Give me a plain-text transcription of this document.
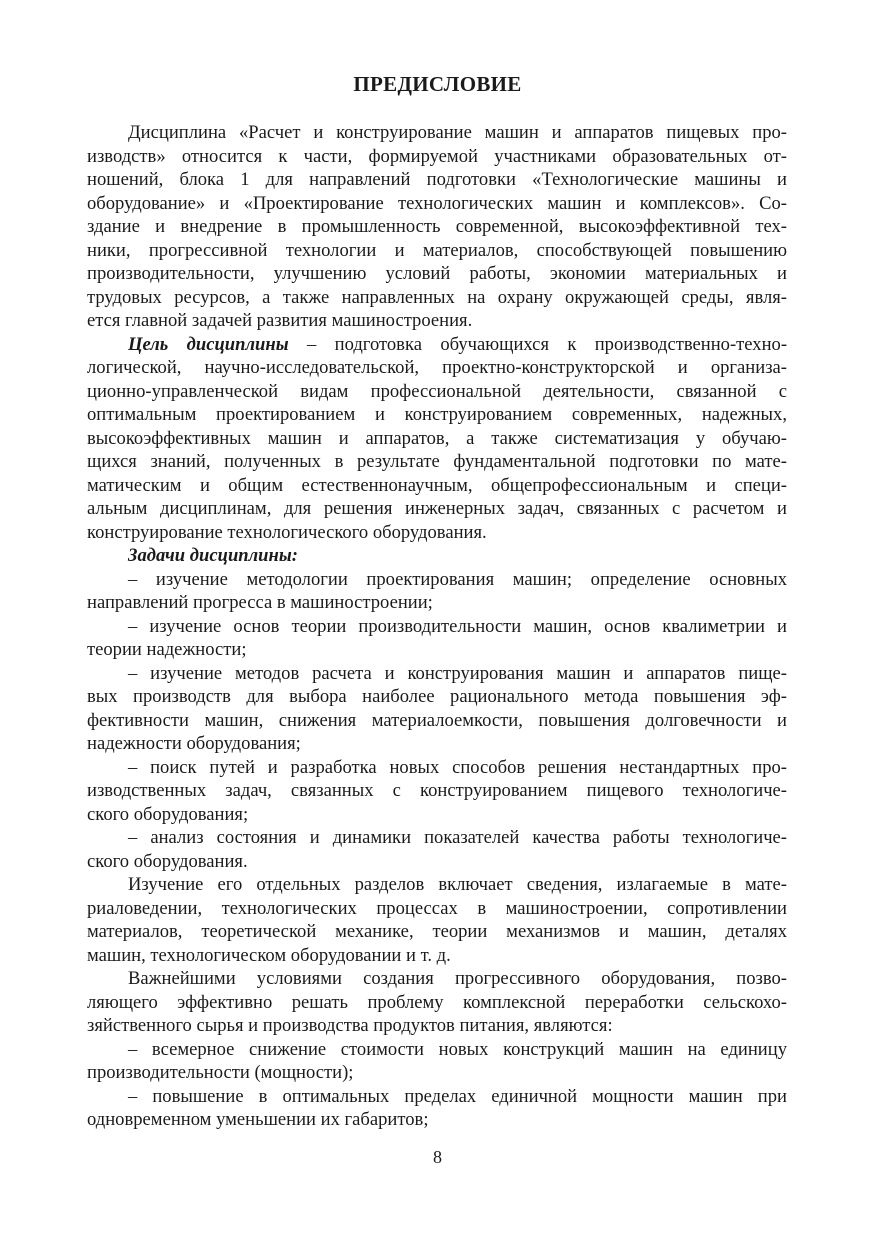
ПРЕДИСЛОВИЕ
Дисциплина «Расчет и конструирование машин и аппаратов пищевых про-
изводств» относится к части, формируемой участниками образовательных от-
ношений, блока 1 для направлений подготовки «Технологические машины и
оборудование» и «Проектирование технологических машин и комплексов». Со-
здание и внедрение в промышленность современной, высокоэффективной тех-
ники, прогрессивной технологии и материалов, способствующей повышению
производительности, улучшению условий работы, экономии материальных и
трудовых ресурсов, а также направленных на охрану окружающей среды, явля-
ется главной задачей развития машиностроения.
Цель дисциплины – подготовка обучающихся к производственно-техно-
логической, научно-исследовательской, проектно-конструкторской и организа-
ционно-управленческой видам профессиональной деятельности, связанной с
оптимальным проектированием и конструированием современных, надежных,
высокоэффективных машин и аппаратов, а также систематизация у обучаю-
щихся знаний, полученных в результате фундаментальной подготовки по мате-
матическим и общим естественнонаучным, общепрофессиональным и специ-
альным дисциплинам, для решения инженерных задач, связанных с расчетом и
конструирование технологического оборудования.
Задачи дисциплины:
– изучение методологии проектирования машин; определение основных
направлений прогресса в машиностроении;
– изучение основ теории производительности машин, основ квалиметрии и
теории надежности;
– изучение методов расчета и конструирования машин и аппаратов пище-
вых производств для выбора наиболее рационального метода повышения эф-
фективности машин, снижения материалоемкости, повышения долговечности и
надежности оборудования;
– поиск путей и разработка новых способов решения нестандартных про-
изводственных задач, связанных с конструированием пищевого технологиче-
ского оборудования;
– анализ состояния и динамики показателей качества работы технологиче-
ского оборудования.
Изучение его отдельных разделов включает сведения, излагаемые в мате-
риаловедении, технологических процессах в машиностроении, сопротивлении
материалов, теоретической механике, теории механизмов и машин, деталях
машин, технологическом оборудовании и т. д.
Важнейшими условиями создания прогрессивного оборудования, позво-
ляющего эффективно решать проблему комплексной переработки сельскохо-
зяйственного сырья и производства продуктов питания, являются:
– всемерное снижение стоимости новых конструкций машин на единицу
производительности (мощности);
– повышение в оптимальных пределах единичной мощности машин при
одновременном уменьшении их габаритов;
8
